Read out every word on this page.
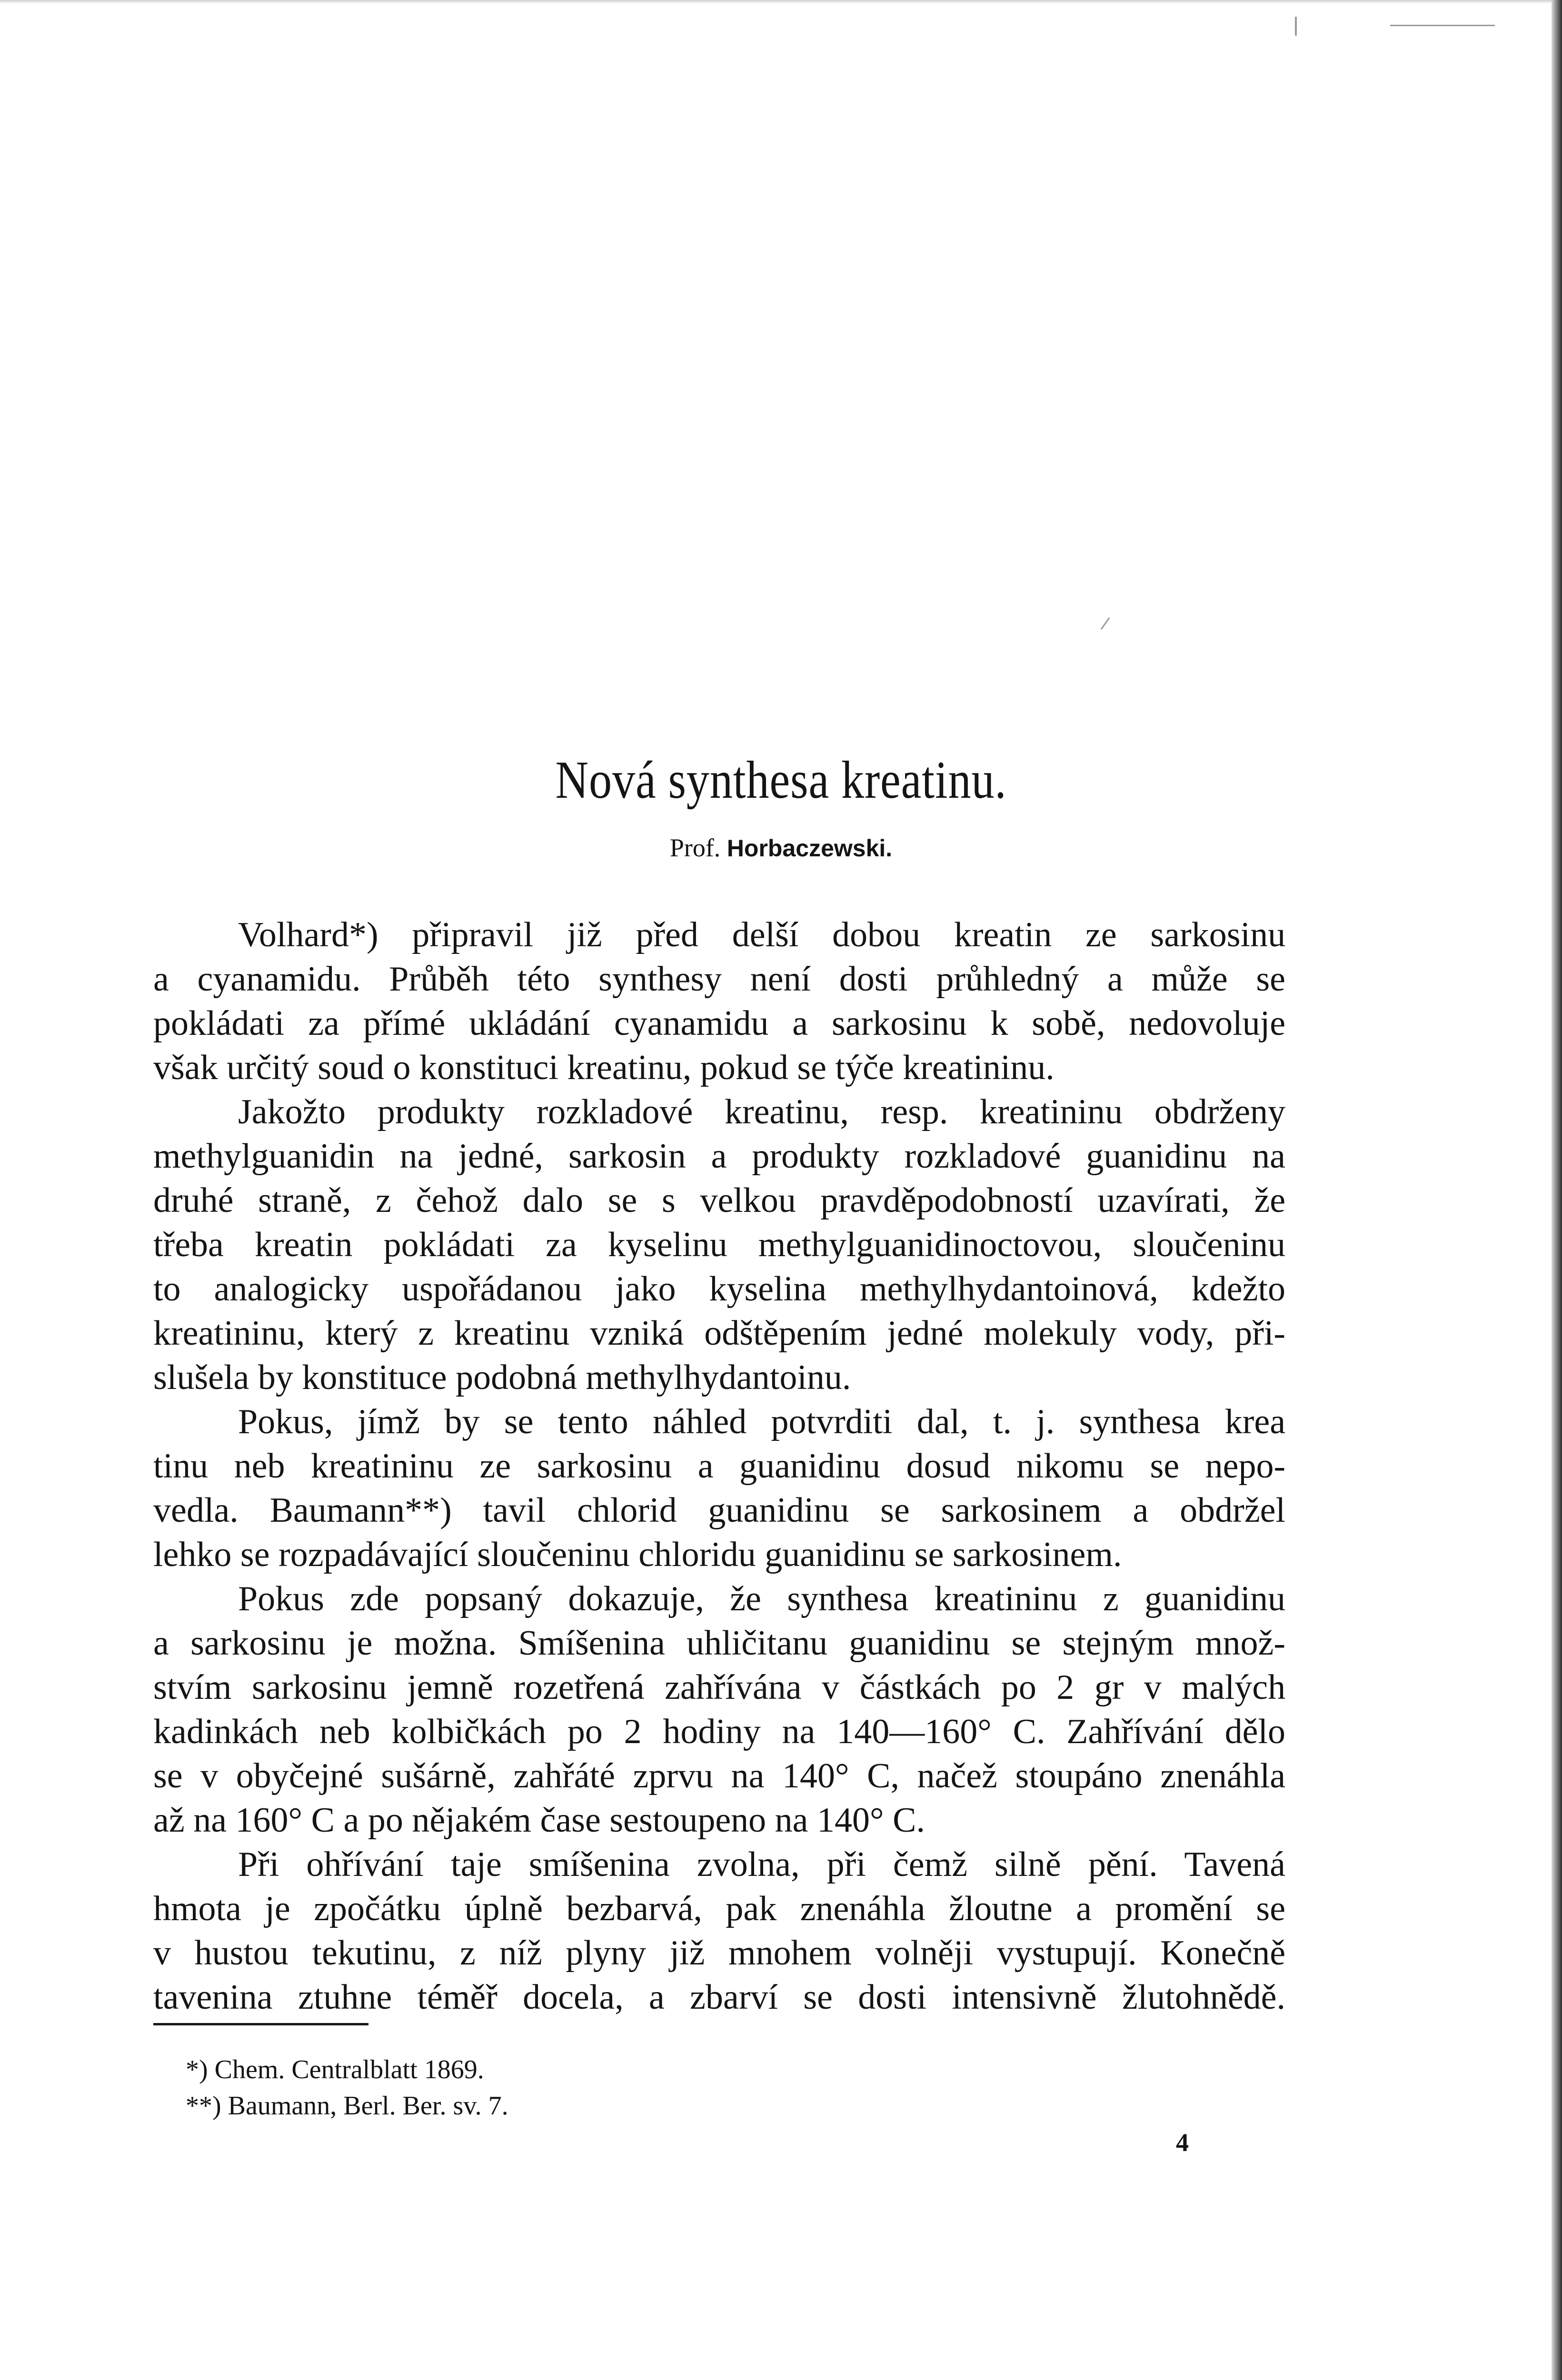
Nová synthesa kreatinu.
Prof. Horbaczewski.

Volhard*) připravil již před delší dobou kreatin ze sarkosinu
a cyanamidu. Průběh této synthesy není dosti průhledný a může se
pokládati za přímé ukládání cyanamidu a sarkosinu k sobě, nedovoluje
však určitý soud o konstituci kreatinu, pokud se týče kreatininu.

Jakožto produkty rozkladové kreatinu, resp. kreatininu obdrženy
methylguanidin na jedné, sarkosin a produkty rozkladové guanidinu na
druhé straně, z čehož dalo se s velkou pravděpodobností uzavírati, že
třeba kreatin pokládati za kyselinu methylguanidinoctovou, sloučeninu
to analogicky uspořádanou jako kyselina methylhydantoinová, kdežto
kreatininu, který z kreatinu vzniká odštěpením jedné molekuly vody, při-
slušela by konstituce podobná methylhydantoinu.

Pokus, jímž by se tento náhled potvrditi dal, t. j. synthesa krea
tinu neb kreatininu ze sarkosinu a guanidinu dosud nikomu se nepo-
vedla. Baumann**) tavil chlorid guanidinu se sarkosinem a obdržel
lehko se rozpadávající sloučeninu chloridu guanidinu se sarkosinem.

Pokus zde popsaný dokazuje, že synthesa kreatininu z guanidinu
a sarkosinu je možna. Smíšenina uhličitanu guanidinu se stejným množ-
stvím sarkosinu jemně rozetřená zahřívána v částkách po 2 gr v malých
kadinkách neb kolbičkách po 2 hodiny na 140—160° C. Zahřívání dělo
se v obyčejné sušárně, zahřáté zprvu na 140° C, načež stoupáno znenáhla
až na 160° C a po nějakém čase sestoupeno na 140° C.

Při ohřívání taje smíšenina zvolna, při čemž silně pění. Tavená
hmota je zpočátku úplně bezbarvá, pak znenáhla žloutne a promění se
v hustou tekutinu, z níž plyny již mnohem volněji vystupují. Konečně
tavenina ztuhne téměř docela, a zbarví se dosti intensivně žlutohnědě.

*) Chem. Centralblatt 1869.
**) Baumann, Berl. Ber. sv. 7.
4
